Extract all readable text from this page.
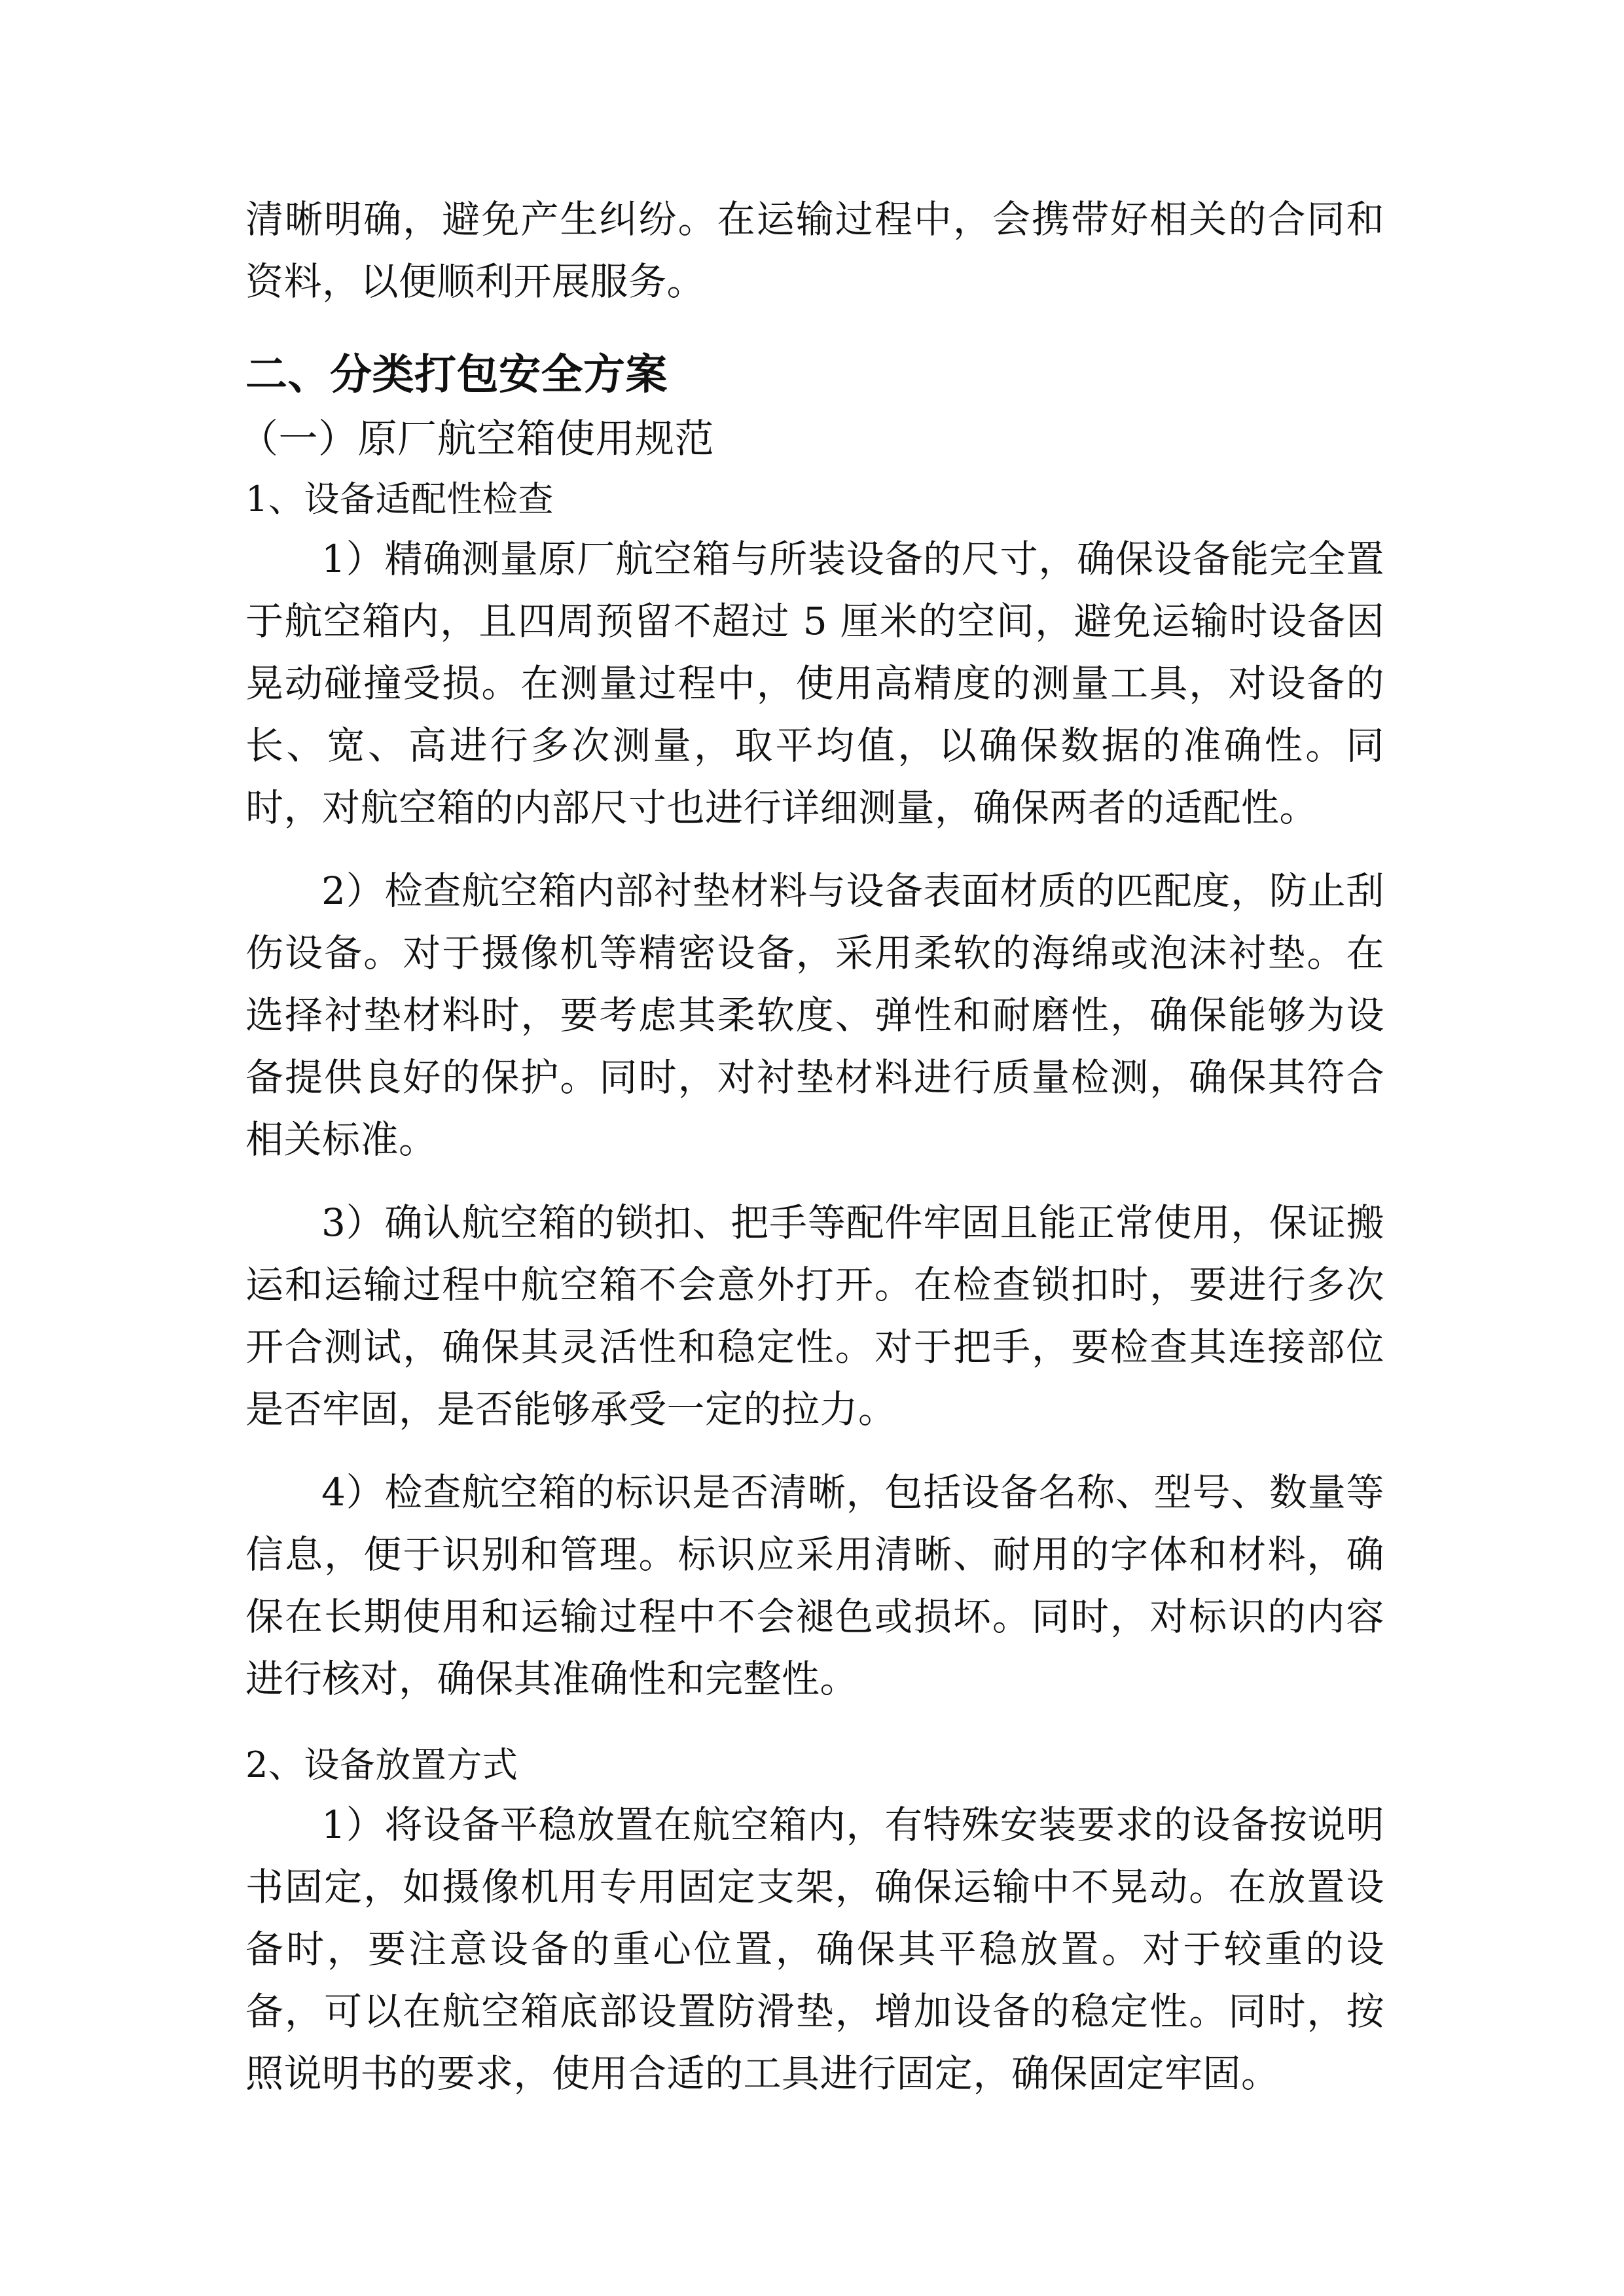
清晰明确，避免产生纠纷。在运输过程中，会携带好相关的合同和资料，以便顺利开展服务。

二、分类打包安全方案

（一）原厂航空箱使用规范

1、设备适配性检查

1）精确测量原厂航空箱与所装设备的尺寸，确保设备能完全置于航空箱内，且四周预留不超过 5 厘米的空间，避免运输时设备因晃动碰撞受损。在测量过程中，使用高精度的测量工具，对设备的长、宽、高进行多次测量，取平均值，以确保数据的准确性。同时，对航空箱的内部尺寸也进行详细测量，确保两者的适配性。

2）检查航空箱内部衬垫材料与设备表面材质的匹配度，防止刮伤设备。对于摄像机等精密设备，采用柔软的海绵或泡沫衬垫。在选择衬垫材料时，要考虑其柔软度、弹性和耐磨性，确保能够为设备提供良好的保护。同时，对衬垫材料进行质量检测，确保其符合相关标准。

3）确认航空箱的锁扣、把手等配件牢固且能正常使用，保证搬运和运输过程中航空箱不会意外打开。在检查锁扣时，要进行多次开合测试，确保其灵活性和稳定性。对于把手，要检查其连接部位是否牢固，是否能够承受一定的拉力。

4）检查航空箱的标识是否清晰，包括设备名称、型号、数量等信息，便于识别和管理。标识应采用清晰、耐用的字体和材料，确保在长期使用和运输过程中不会褪色或损坏。同时，对标识的内容进行核对，确保其准确性和完整性。

2、设备放置方式

1）将设备平稳放置在航空箱内，有特殊安装要求的设备按说明书固定，如摄像机用专用固定支架，确保运输中不晃动。在放置设备时，要注意设备的重心位置，确保其平稳放置。对于较重的设备，可以在航空箱底部设置防滑垫，增加设备的稳定性。同时，按照说明书的要求，使用合适的工具进行固定，确保固定牢固。
